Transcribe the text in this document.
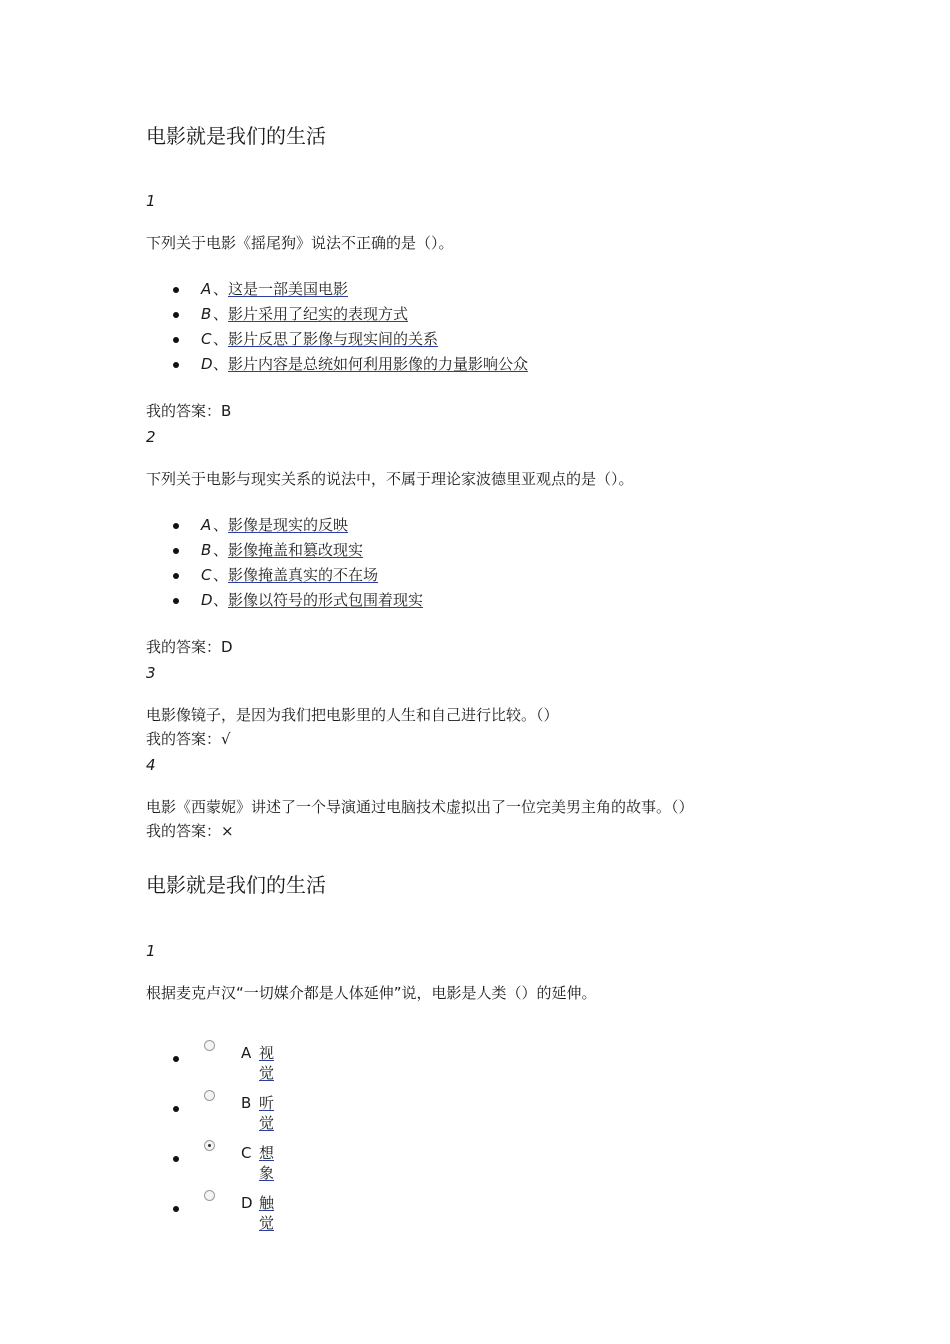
电影就是我们的生活
1
下列关于电影《摇尾狗》说法不正确的是（）。
A 、 这是一部美国电影
B 、 影片采用了纪实的表现方式
C 、 影片反思了影像与现实间的关系
D 、 影片内容是总统如何利用影像的力量影响公众
我的答案：B
2
下列关于电影与现实关系的说法中，不属于理论家波德里亚观点的是（）。
A 、 影像是现实的反映
B 、 影像掩盖和篡改现实
C 、 影像掩盖真实的不在场
D 、 影像以符号的形式包围着现实
我的答案：D
3
电影像镜子，是因为我们把电影里的人生和自己进行比较。（）
我的答案：√
4
电影《西蒙妮》讲述了一个导演通过电脑技术虚拟出了一位完美男主角的故事。（）
我的答案：×
电影就是我们的生活
1
根据麦克卢汉“一切媒介都是人体延伸”说，电影是人类（）的延伸。
A 视觉
B 听觉
C 想象
D 触觉
